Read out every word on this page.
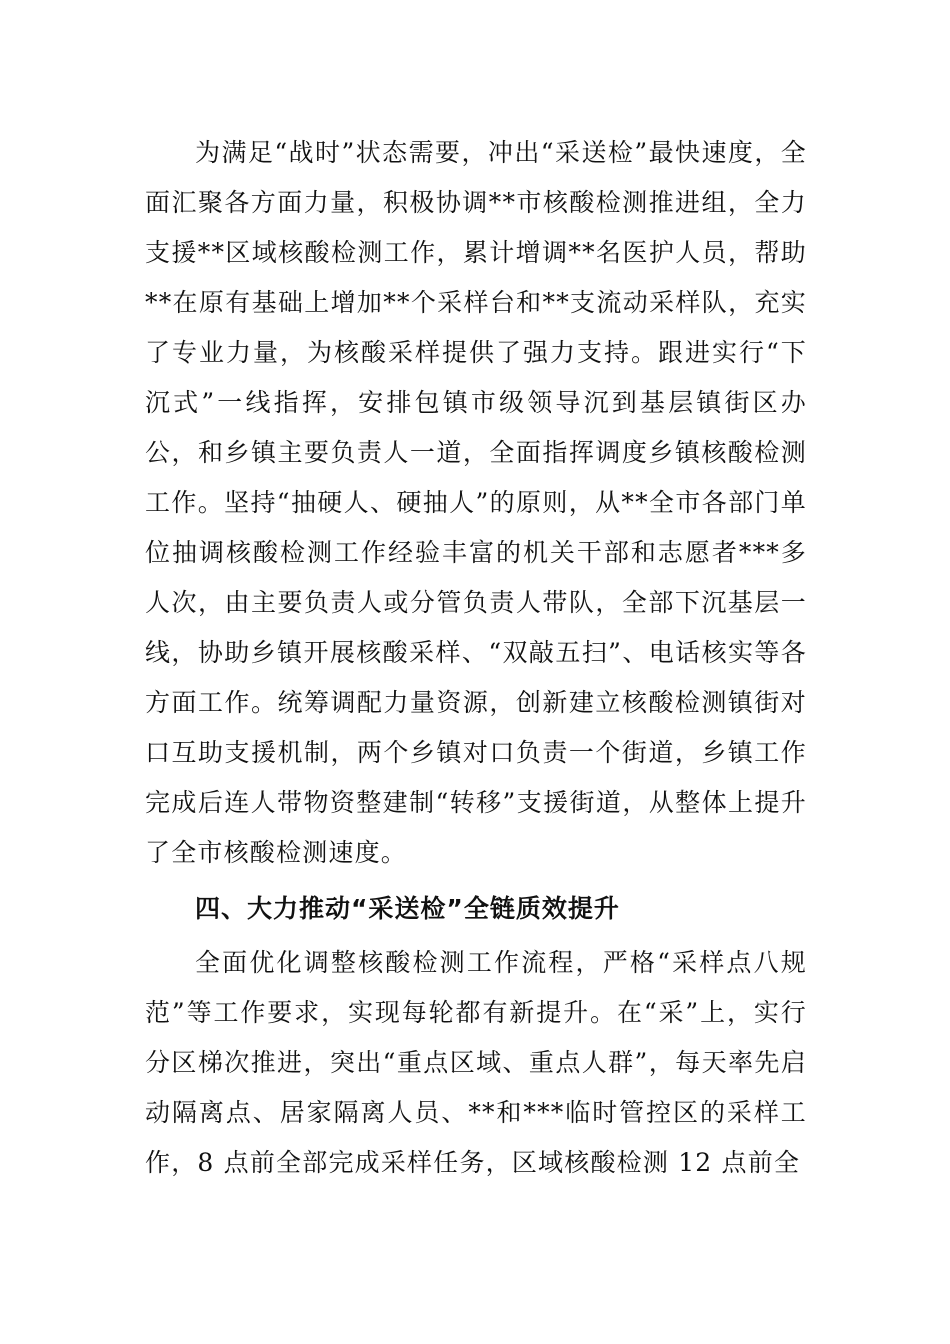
为满足“战时”状态需要，冲出“采送检”最快速度，全面汇聚各方面力量，积极协调**市核酸检测推进组，全力支援**区域核酸检测工作，累计增调**名医护人员，帮助**在原有基础上增加**个采样台和**支流动采样队，充实了专业力量，为核酸采样提供了强力支持。跟进实行“下沉式”一线指挥，安排包镇市级领导沉到基层镇街区办公，和乡镇主要负责人一道，全面指挥调度乡镇核酸检测工作。坚持“抽硬人、硬抽人”的原则，从**全市各部门单位抽调核酸检测工作经验丰富的机关干部和志愿者***多人次，由主要负责人或分管负责人带队，全部下沉基层一线，协助乡镇开展核酸采样、“双敲五扫”、电话核实等各方面工作。统筹调配力量资源，创新建立核酸检测镇街对口互助支援机制，两个乡镇对口负责一个街道，乡镇工作完成后连人带物资整建制“转移”支援街道，从整体上提升了全市核酸检测速度。

四、大力推动“采送检”全链质效提升

全面优化调整核酸检测工作流程，严格“采样点八规范”等工作要求，实现每轮都有新提升。在“采”上，实行分区梯次推进，突出“重点区域、重点人群”，每天率先启动隔离点、居家隔离人员、**和***临时管控区的采样工作，8 点前全部完成采样任务，区域核酸检测 12 点前全
